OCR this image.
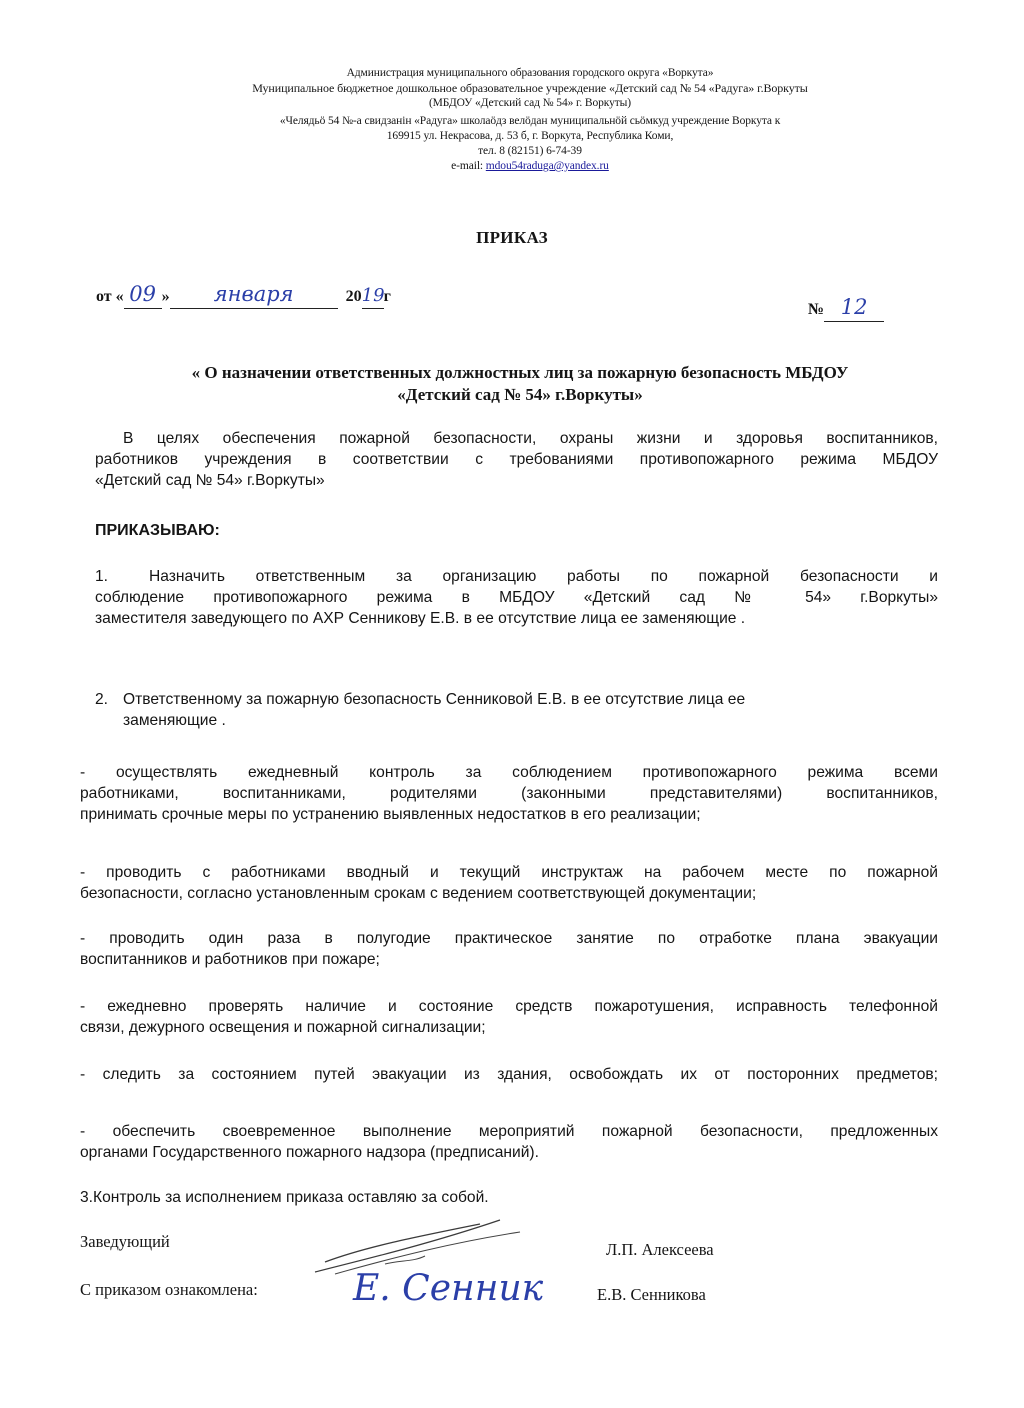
Администрация муниципального образования городского округа «Воркута»
Муниципальное бюджетное дошкольное образовательное учреждение «Детский сад № 54 «Радуга» г.Воркуты
(МБДОУ «Детский сад № 54» г. Воркуты)
«Челядьö 54 №-а свидзанiн «Радуга» школаöдз велöдан муниципальнöй сьöмкуд учреждение Воркута к
169915 ул. Некрасова, д. 53 б, г. Воркута, Республика Коми,
тел. 8 (82151) 6-74-39
e-mail: mdou54raduga@yandex.ru
ПРИКАЗ
от « 09 » января	2019г
№ 12
« О назначении ответственных должностных лиц за пожарную безопасность МБДОУ
«Детский сад № 54» г.Воркуты»
В целях обеспечения пожарной безопасности, охраны жизни и здоровья воспитанников,
работников учреждения в соответствии с требованиями противопожарного режима МБДОУ
«Детский сад № 54» г.Воркуты»
ПРИКАЗЫВАЮ:
1.	Назначить ответственным за организацию работы по пожарной безопасности и
соблюдение противопожарного режима в МБДОУ «Детский сад № 54» г.Воркуты»
заместителя заведующего по АХР Сенникову Е.В. в ее отсутствие лица ее заменяющие .
2. Ответственному за пожарную безопасность Сенниковой Е.В. в ее отсутствие лица ее
заменяющие .
- осуществлять ежедневный контроль за соблюдением противопожарного режима всеми
работниками, воспитанниками, родителями (законными представителями) воспитанников,
принимать срочные меры по устранению выявленных недостатков в его реализации;
- проводить с работниками вводный и текущий инструктаж на рабочем месте по пожарной
безопасности, согласно установленным срокам с ведением соответствующей документации;
- проводить один раза в полугодие практическое занятие по отработке плана эвакуации
воспитанников и работников при пожаре;
- ежедневно проверять наличие и состояние средств пожаротушения, исправность телефонной
связи, дежурного освещения и пожарной сигнализации;
- следить за состоянием путей эвакуации из здания, освобождать их от посторонних предметов;
- обеспечить своевременное выполнение мероприятий пожарной безопасности, предложенных
органами Государственного пожарного надзора (предписаний).
3.Контроль за исполнением приказа оставляю за собой.
Заведующий	Л.П. Алексеева
С приказом ознакомлена:	Е.В. Сенникова
Е. Сенник
